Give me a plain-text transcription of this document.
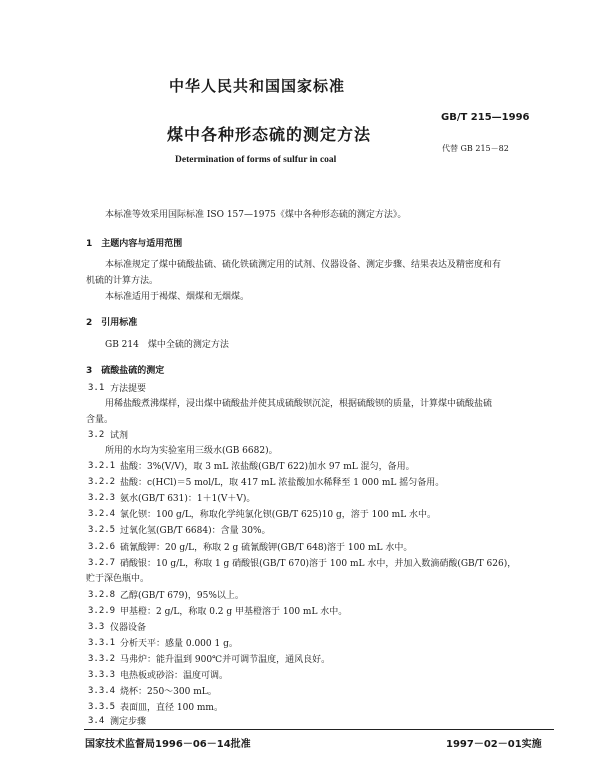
中华人民共和国国家标准
GB/T 215—1996
煤中各种形态硫的测定方法
代替 GB 215－82
Determination of forms of sulfur in coal
本标准等效采用国际标准 ISO 157—1975《煤中各种形态硫的测定方法》。
1　主题内容与适用范围
本标准规定了煤中硫酸盐硫、硫化铁硫测定用的试剂、仪器设备、测定步骤、结果表达及精密度和有
机硫的计算方法。
本标准适用于褐煤、烟煤和无烟煤。
2　引用标准
GB 214　煤中全硫的测定方法
3　硫酸盐硫的测定
3.1 方法提要
用稀盐酸煮沸煤样，浸出煤中硫酸盐并使其成硫酸钡沉淀，根据硫酸钡的质量，计算煤中硫酸盐硫
含量。
3.2 试剂
所用的水均为实验室用三级水(GB 6682)。
3.2.1 盐酸：3%(V/V)，取 3 mL 浓盐酸(GB/T 622)加水 97 mL 混匀，备用。
3.2.2 盐酸：c(HCl)＝5 mol/L，取 417 mL 浓盐酸加水稀释至 1 000 mL 摇匀备用。
3.2.3 氨水(GB/T 631)：1＋1(V＋V)。
3.2.4 氯化钡：100 g/L，称取化学纯氯化钡(GB/T 625)10 g，溶于 100 mL 水中。
3.2.5 过氧化氢(GB/T 6684)：含量 30%。
3.2.6 硫氰酸钾：20 g/L，称取 2 g 硫氰酸钾(GB/T 648)溶于 100 mL 水中。
3.2.7 硝酸银：10 g/L，称取 1 g 硝酸银(GB/T 670)溶于 100 mL 水中，并加入数滴硝酸(GB/T 626)，
贮于深色瓶中。
3.2.8 乙醇(GB/T 679)，95%以上。
3.2.9 甲基橙：2 g/L，称取 0.2 g 甲基橙溶于 100 mL 水中。
3.3 仪器设备
3.3.1 分析天平：感量 0.000 1 g。
3.3.2 马弗炉：能升温到 900℃并可调节温度，通风良好。
3.3.3 电热板或砂浴：温度可调。
3.3.4 烧杯：250～300 mL。
3.3.5 表面皿，直径 100 mm。
3.4 测定步骤
国家技术监督局1996－06－14批准	1997－02－01实施
